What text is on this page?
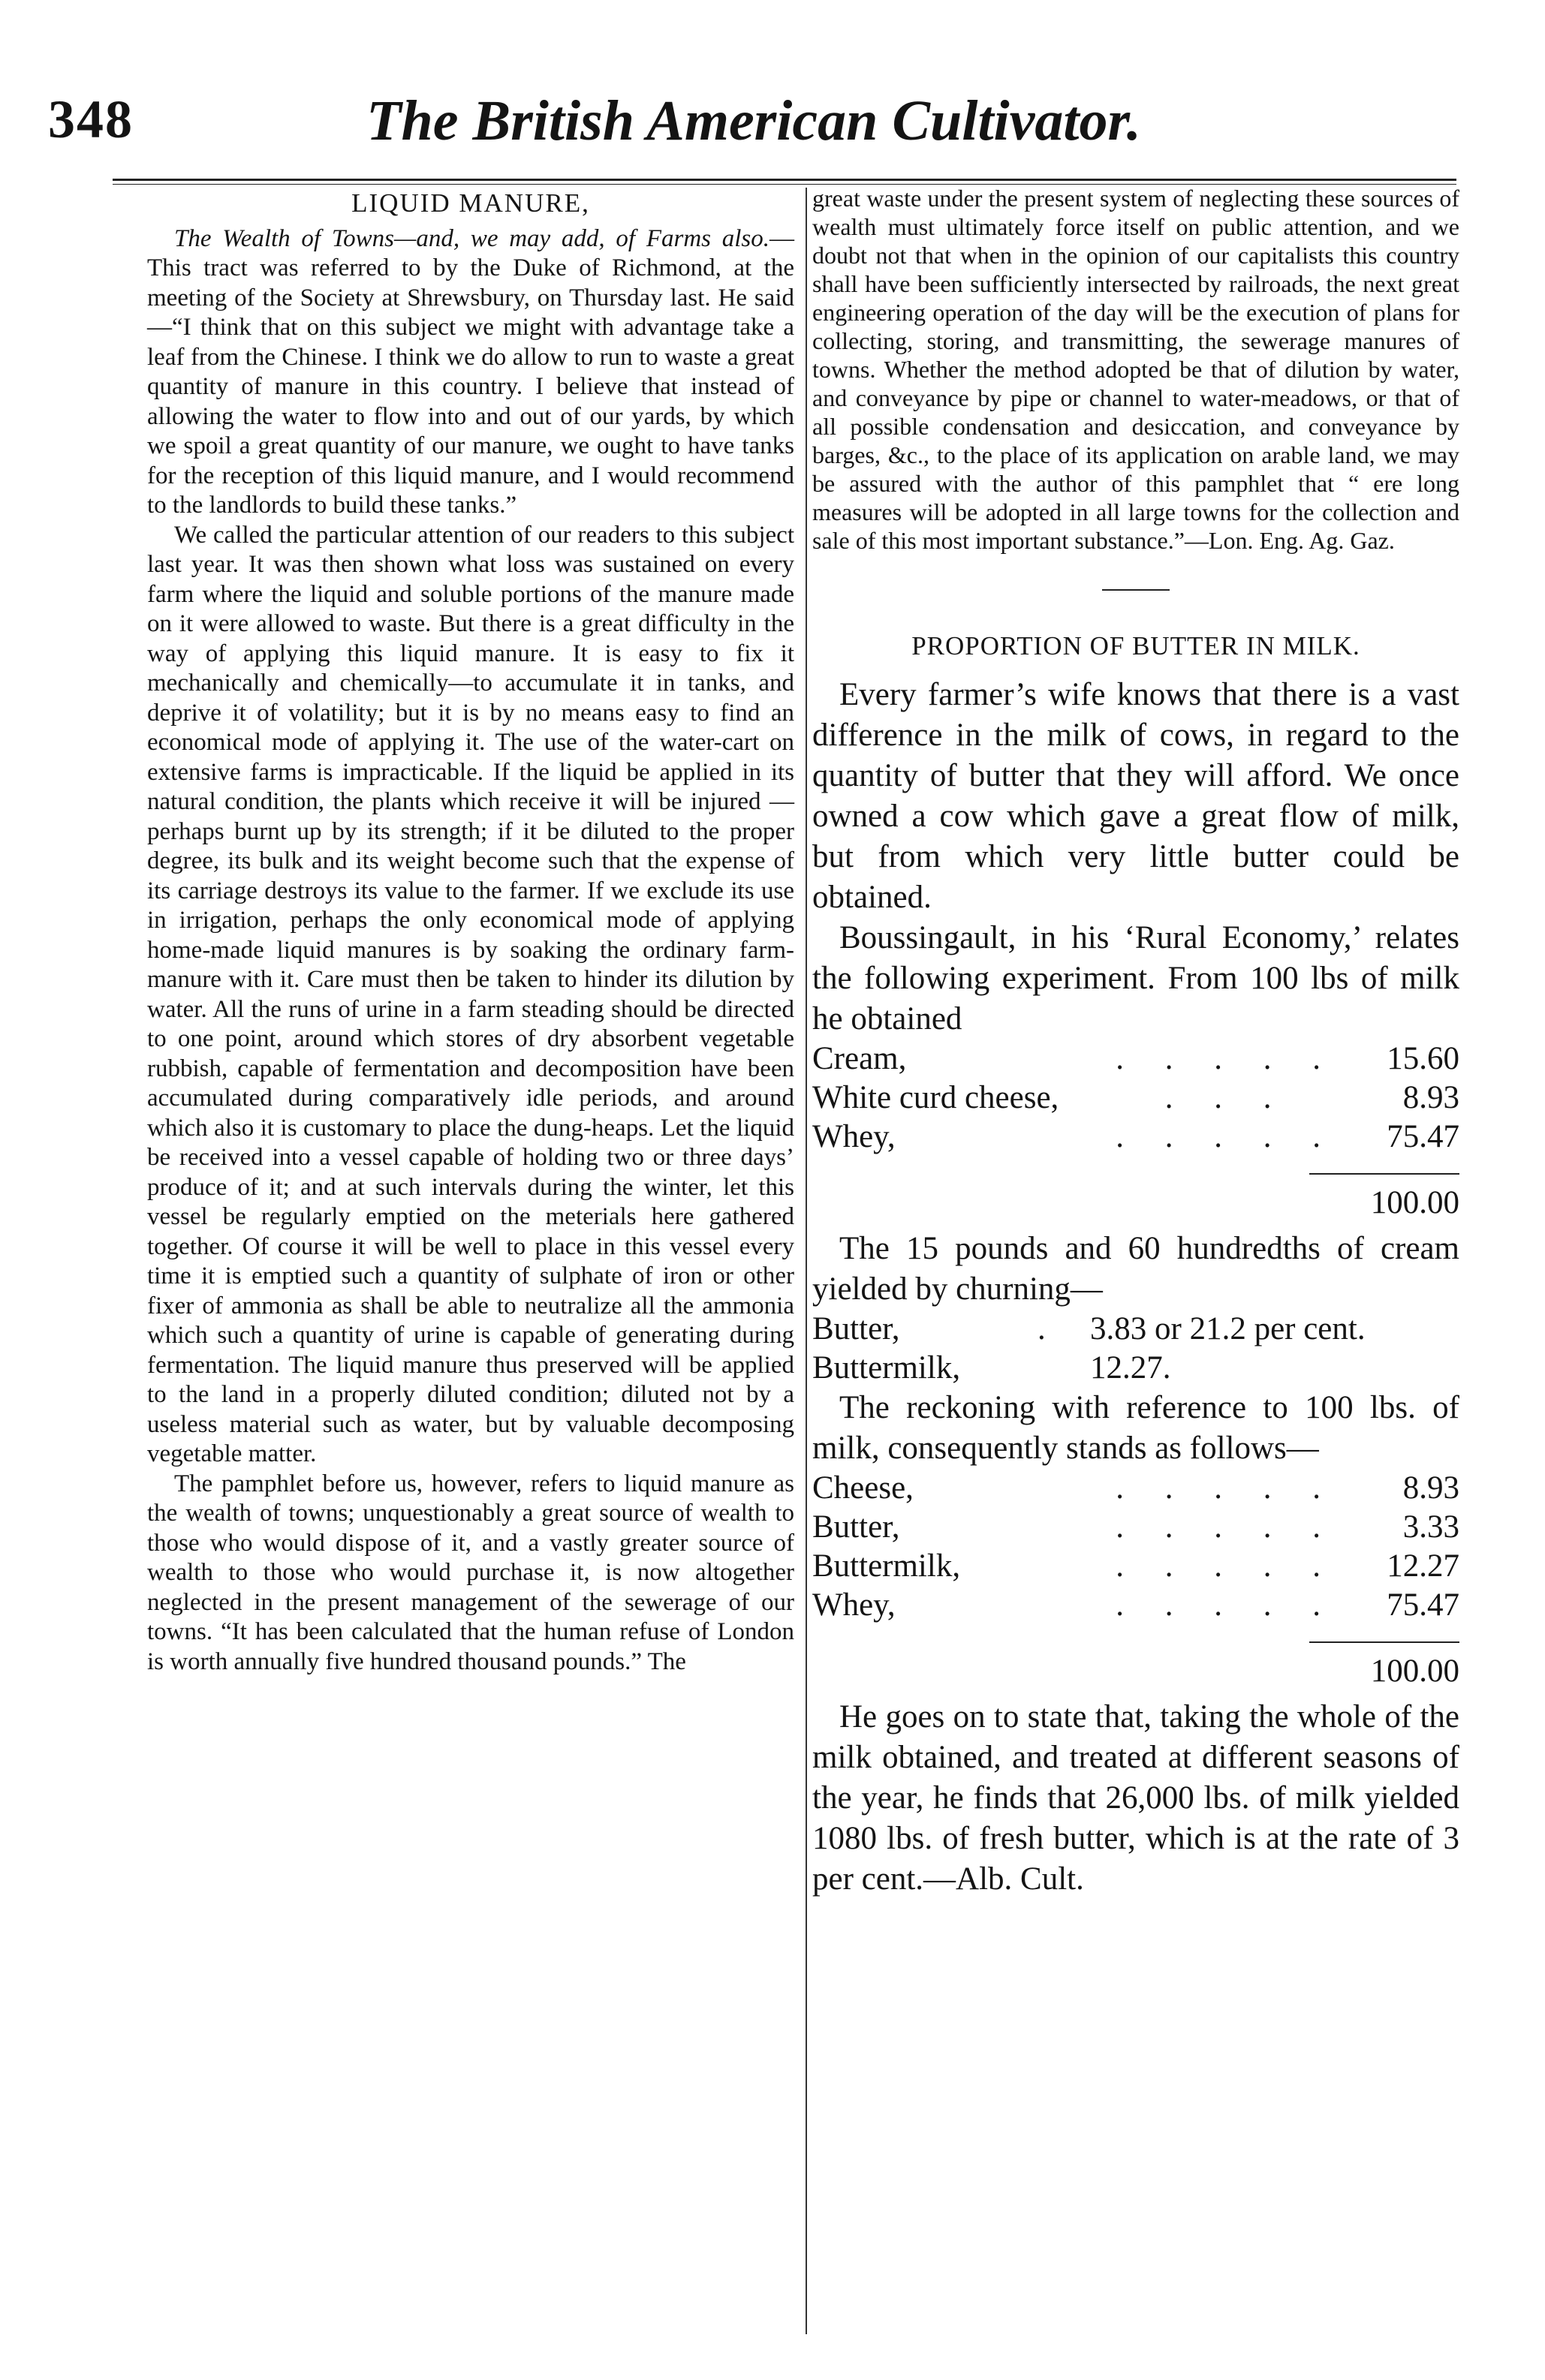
348	The British American Cultivator.
LIQUID MANURE,

The Wealth of Towns—and, we may add, of Farms also.—This tract was referred to by the Duke of Richmond, at the meeting of the Society at Shrewsbury, on Thursday last. He said—“I think that on this subject we might with advantage take a leaf from the Chinese. I think we do allow to run to waste a great quantity of manure in this country. I believe that instead of allowing the water to flow into and out of our yards, by which we spoil a great quantity of our manure, we ought to have tanks for the reception of this liquid manure, and I would recommend to the landlords to build these tanks.”

We called the particular attention of our readers to this subject last year. It was then shown what loss was sustained on every farm where the liquid and soluble portions of the manure made on it were allowed to waste. But there is a great difficulty in the way of applying this liquid manure. It is easy to fix it mechanically and chemically—to accumulate it in tanks, and deprive it of volatility; but it is by no means easy to find an economical mode of applying it. The use of the water-cart on extensive farms is impracticable. If the liquid be applied in its natural condition, the plants which receive it will be injured —perhaps burnt up by its strength; if it be diluted to the proper degree, its bulk and its weight become such that the expense of its carriage destroys its value to the farmer. If we exclude its use in irrigation, perhaps the only economical mode of applying home-made liquid manures is by soaking the ordinary farm-manure with it. Care must then be taken to hinder its dilution by water. All the runs of urine in a farm steading should be directed to one point, around which stores of dry absorbent vegetable rubbish, capable of fermentation and decomposition have been accumulated during comparatively idle periods, and around which also it is customary to place the dung-heaps. Let the liquid be received into a vessel capable of holding two or three days’ produce of it; and at such intervals during the winter, let this vessel be regularly emptied on the meterials here gathered together. Of course it will be well to place in this vessel every time it is emptied such a quantity of sulphate of iron or other fixer of ammonia as shall be able to neutralize all the ammonia which such a quantity of urine is capable of generating during fermentation. The liquid manure thus preserved will be applied to the land in a properly diluted condition; diluted not by a useless material such as water, but by valuable decomposing vegetable matter.

The pamphlet before us, however, refers to liquid manure as the wealth of towns; unquestionably a great source of wealth to those who would dispose of it, and a vastly greater source of wealth to those who would purchase it, is now altogether neglected in the present management of the sewerage of our towns. “It has been calculated that the human refuse of London is worth annually five hundred thousand pounds.” The

great waste under the present system of neglecting these sources of wealth must ultimately force itself on public attention, and we doubt not that when in the opinion of our capitalists this country shall have been sufficiently intersected by railroads, the next great engineering operation of the day will be the execution of plans for collecting, storing, and transmitting, the sewerage manures of towns. Whether the method adopted be that of dilution by water, and conveyance by pipe or channel to water-meadows, or that of all possible condensation and desiccation, and conveyance by barges, &c., to the place of its application on arable land, we may be assured with the author of this pamphlet that “ ere long measures will be adopted in all large towns for the collection and sale of this most important substance.”—Lon. Eng. Ag. Gaz.

PROPORTION OF BUTTER IN MILK.

Every farmer’s wife knows that there is a vast difference in the milk of cows, in regard to the quantity of butter that they will afford. We once owned a cow which gave a great flow of milk, but from which very little butter could be obtained.

Boussingault, in his ‘Rural Economy,’ relates the following experiment. From 100 lbs of milk he obtained

Cream,	. . . . .	15.60
White curd cheese,	. . .	8.93
Whey,	. . . . .	75.47
100.00

The 15 pounds and 60 hundredths of cream yielded by churning—

Butter,	. 3.83 or 21.2 per cent.
Buttermilk,	12.27.

The reckoning with reference to 100 lbs. of milk, consequently stands as follows—

Cheese,	. . . . .	8.93
Butter,	. . . . .	3.33
Buttermilk,	. . . . .	12.27
Whey,	. . . . .	75.47
100.00

He goes on to state that, taking the whole of the milk obtained, and treated at different seasons of the year, he finds that 26,000 lbs. of milk yielded 1080 lbs. of fresh butter, which is at the rate of 3 per cent.—Alb. Cult.
